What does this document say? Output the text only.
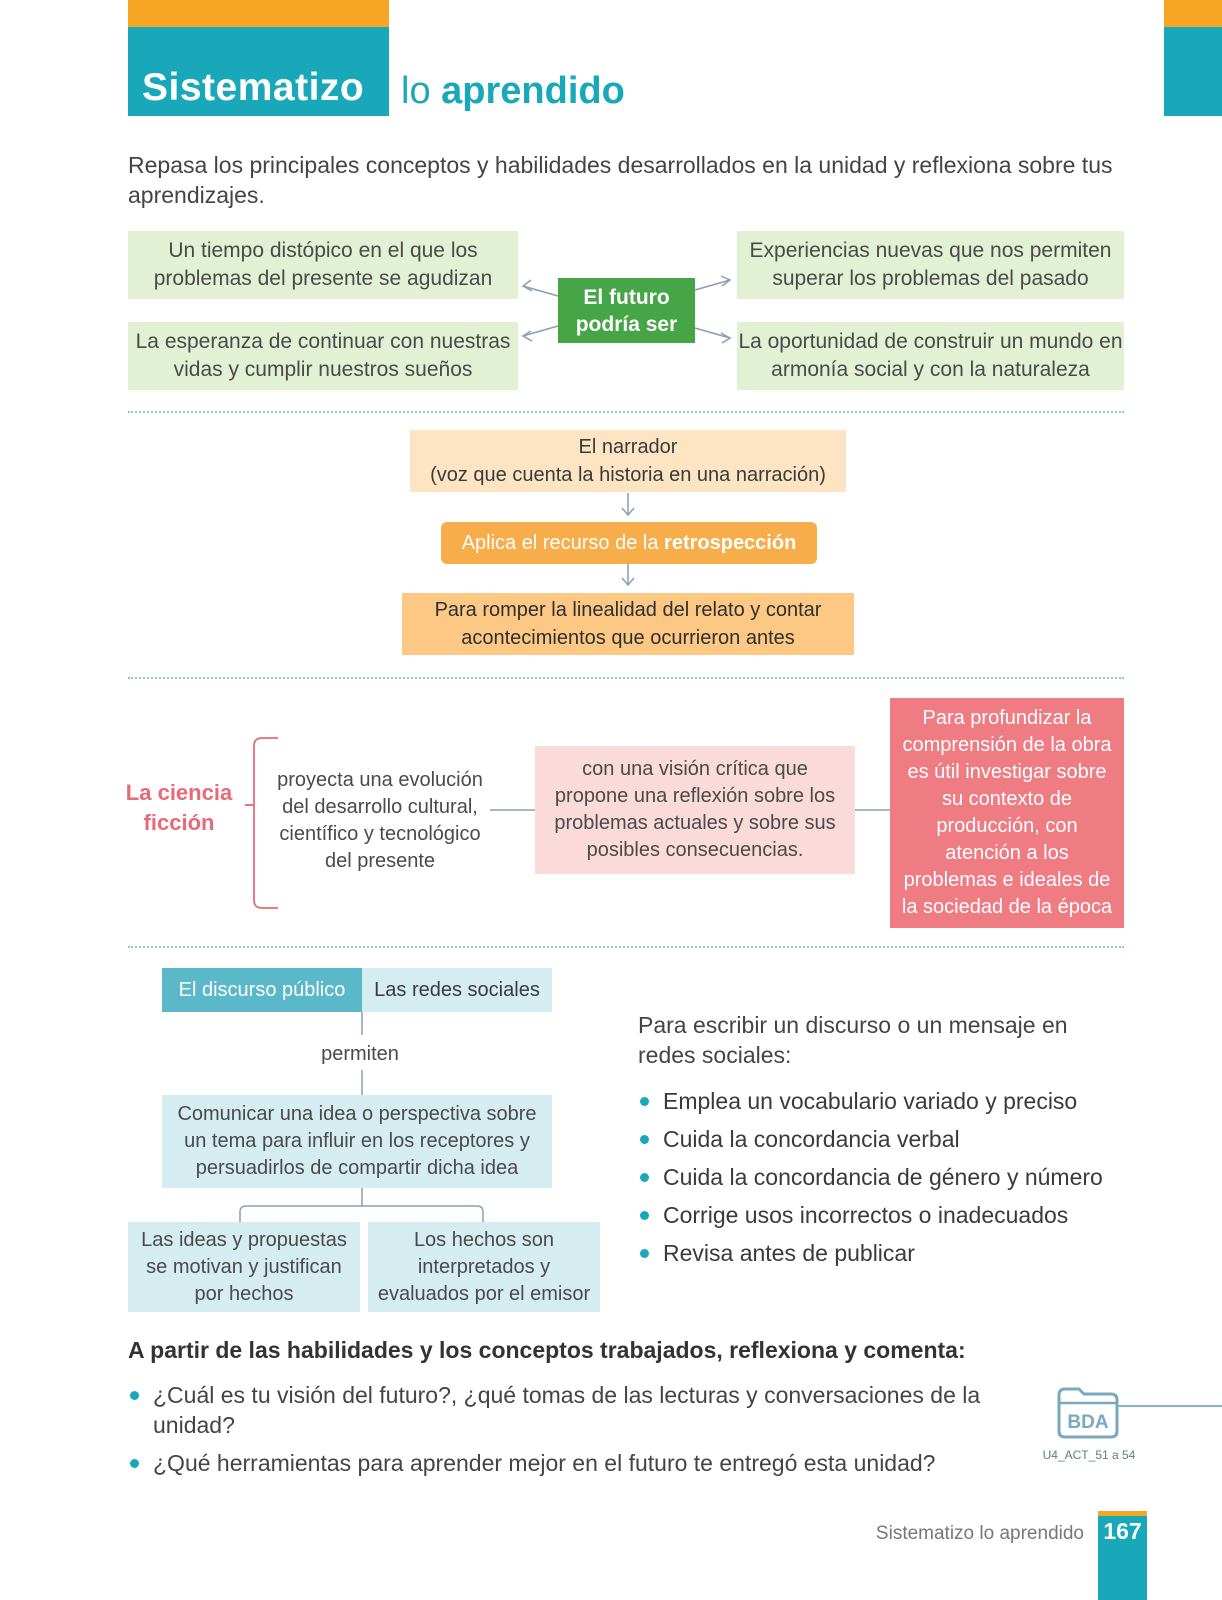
Sistematizo lo aprendido
Repasa los principales conceptos y habilidades desarrollados en la unidad y reflexiona sobre tus aprendizajes.
Un tiempo distópico en el que los problemas del presente se agudizan
La esperanza de continuar con nuestras vidas y cumplir nuestros sueños
El futuro podría ser
Experiencias nuevas que nos permiten superar los problemas del pasado
La oportunidad de construir un mundo en armonía social y con la naturaleza
El narrador
(voz que cuenta la historia en una narración)
Aplica el recurso de la
retrospección
Para romper la linealidad del relato y contar acontecimientos que ocurrieron antes
La ciencia ficción
proyecta una evolución del desarrollo cultural, científico y tecnológico del presente
con una visión crítica que propone una reflexión sobre los problemas actuales y sobre sus posibles consecuencias.
Para profundizar la comprensión de la obra es útil investigar sobre su contexto de producción, con atención a los problemas e ideales de la sociedad de la época
El discurso público	Las redes sociales
permiten
Comunicar una idea o perspectiva sobre un tema para influir en los receptores y persuadirlos de compartir dicha idea
Las ideas y propuestas se motivan y justifican por hechos
Los hechos son interpretados y evaluados por el emisor
Para escribir un discurso o un mensaje en redes sociales:
Emplea un vocabulario variado y preciso
Cuida la concordancia verbal
Cuida la concordancia de género y número
Corrige usos incorrectos o inadecuados
Revisa antes de publicar
A partir de las habilidades y los conceptos trabajados, reflexiona y comenta:
¿Cuál es tu visión del futuro?, ¿qué tomas de las lecturas y conversaciones de la unidad?
¿Qué herramientas para aprender mejor en el futuro te entregó esta unidad?
BDA
U4_ACT_51 a 54
Sistematizo lo aprendido 167
